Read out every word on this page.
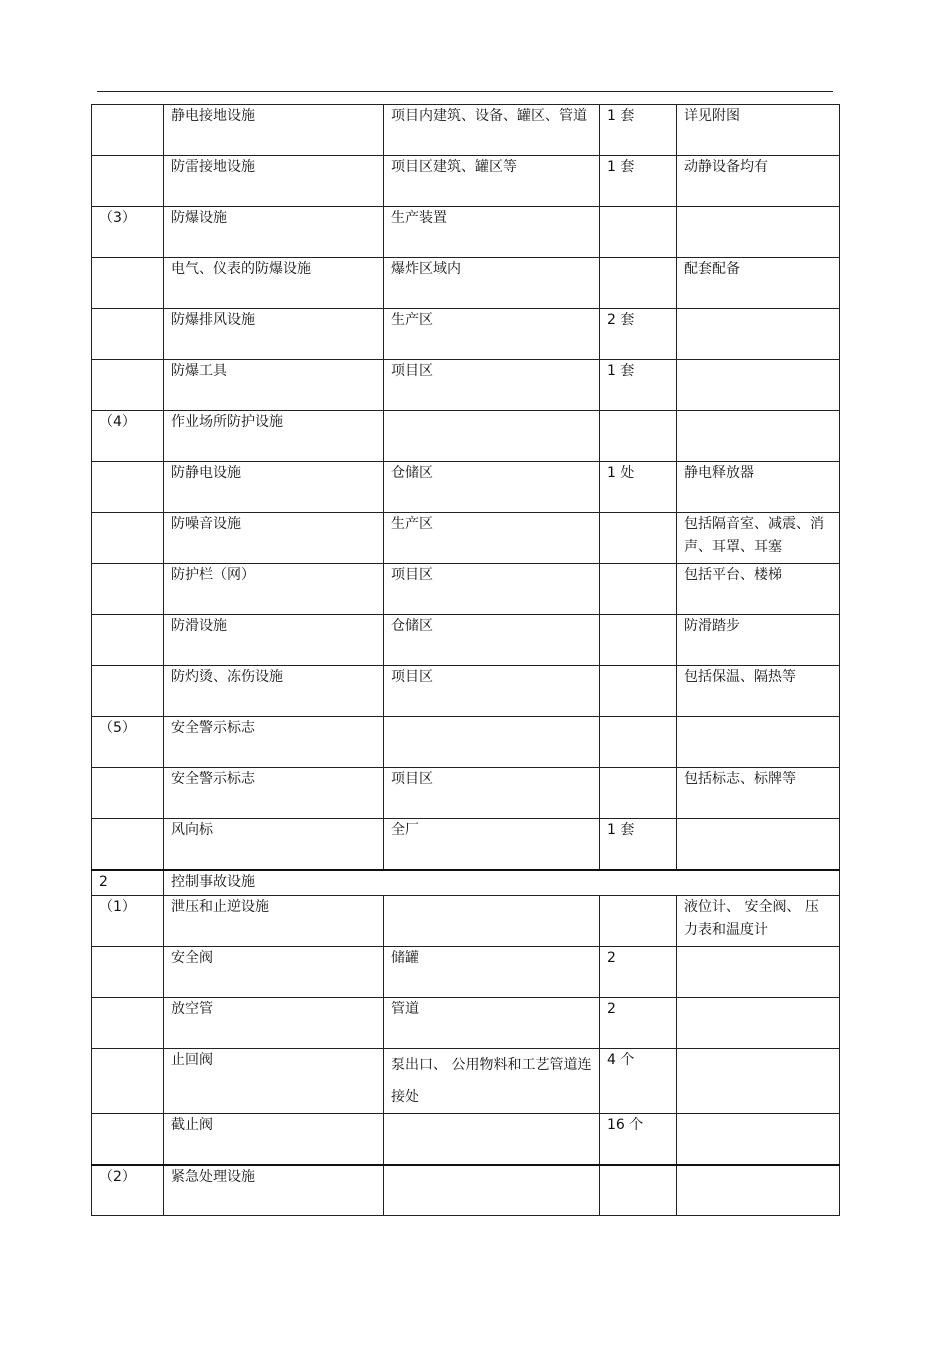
	静电接地设施	项目内建筑、设备、罐区、管道	1 套	详见附图
	防雷接地设施	项目区建筑、罐区等	1 套	动静设备均有
（3）	防爆设施	生产装置		
	电气、仪表的防爆设施	爆炸区域内		配套配备
	防爆排风设施	生产区	2 套	
	防爆工具	项目区	1 套	
（4）	作业场所防护设施			
	防静电设施	仓储区	1 处	静电释放器
	防噪音设施	生产区		包括隔音室、减震、消声、耳罩、耳塞
	防护栏（网）	项目区		包括平台、楼梯
	防滑设施	仓储区		防滑踏步
	防灼烫、冻伤设施	项目区		包括保温、隔热等
（5）	安全警示标志			
	安全警示标志	项目区		包括标志、标牌等
	风向标	全厂	1 套	
2	控制事故设施			
（1）	泄压和止逆设施			液位计、 安全阀、 压力表和温度计
	安全阀	储罐	2	
	放空管	管道	2	
	止回阀	泵出口、 公用物料和工艺管道连接处	4 个	
	截止阀		16 个	
（2）	紧急处理设施			
